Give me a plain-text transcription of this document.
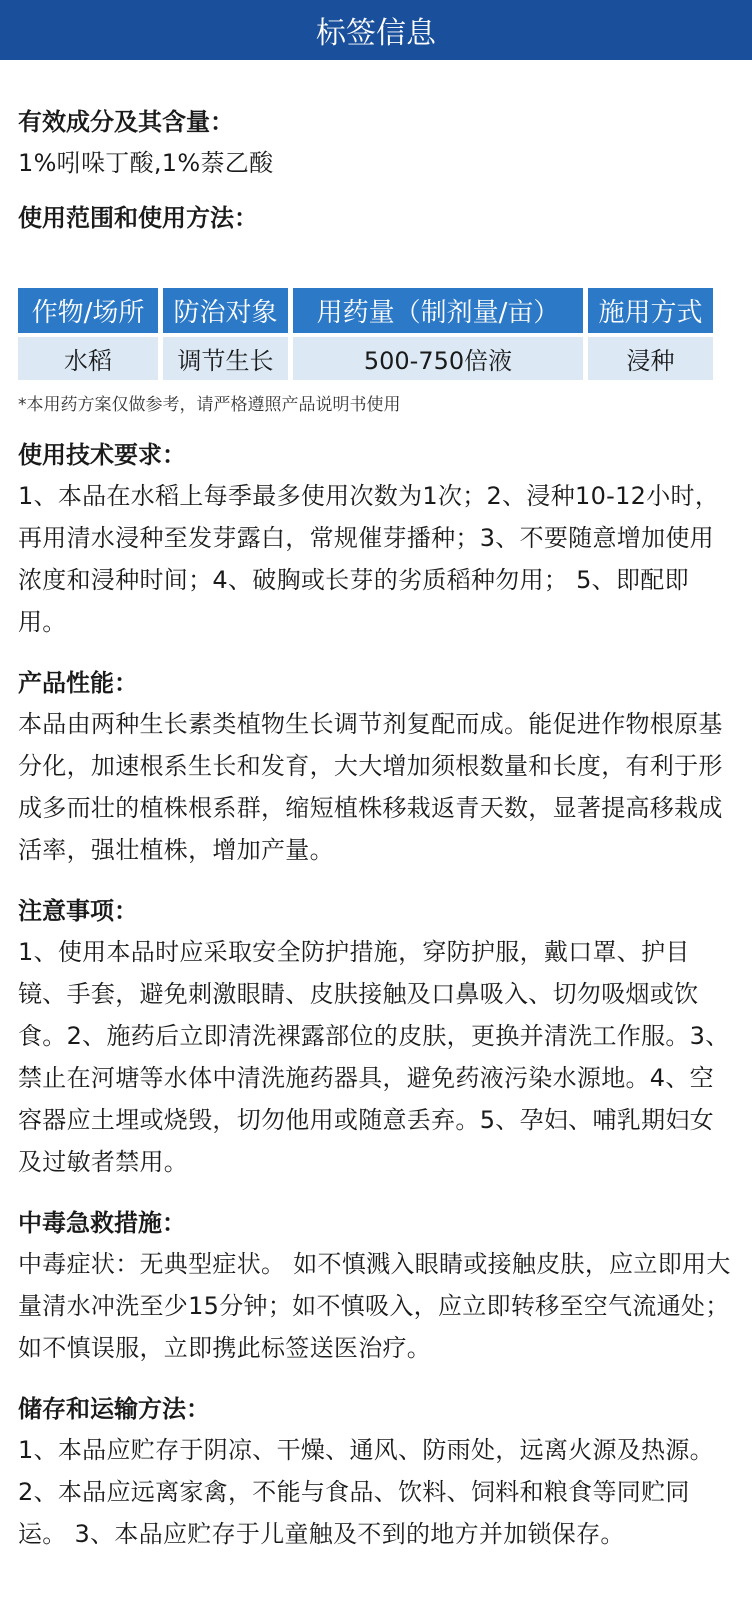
标签信息

有效成分及其含量：

1%吲哚丁酸,1%萘乙酸

使用范围和使用方法：

作物/场所	防治对象	用药量（制剂量/亩）	施用方式
水稻	调节生长	500-750倍液	浸种

*本用药方案仅做参考，请严格遵照产品说明书使用

使用技术要求：

1、本品在水稻上每季最多使用次数为1次；2、浸种10-12小时，再用清水浸种至发芽露白，常规催芽播种；3、不要随意增加使用浓度和浸种时间；4、破胸或长芽的劣质稻种勿用； 5、即配即用。

产品性能：

本品由两种生长素类植物生长调节剂复配而成。能促进作物根原基分化，加速根系生长和发育，大大增加须根数量和长度，有利于形成多而壮的植株根系群，缩短植株移栽返青天数，显著提高移栽成活率，强壮植株，增加产量。

注意事项：

1、使用本品时应采取安全防护措施，穿防护服，戴口罩、护目镜、手套，避免刺激眼睛、皮肤接触及口鼻吸入、切勿吸烟或饮食。2、施药后立即清洗裸露部位的皮肤，更换并清洗工作服。3、禁止在河塘等水体中清洗施药器具，避免药液污染水源地。4、空容器应土埋或烧毁，切勿他用或随意丢弃。5、孕妇、哺乳期妇女及过敏者禁用。

中毒急救措施：

中毒症状：无典型症状。 如不慎溅入眼睛或接触皮肤，应立即用大量清水冲洗至少15分钟；如不慎吸入，应立即转移至空气流通处；如不慎误服，立即携此标签送医治疗。

储存和运输方法：

1、本品应贮存于阴凉、干燥、通风、防雨处，远离火源及热源。 2、本品应远离家禽，不能与食品、饮料、饲料和粮食等同贮同运。 3、本品应贮存于儿童触及不到的地方并加锁保存。
